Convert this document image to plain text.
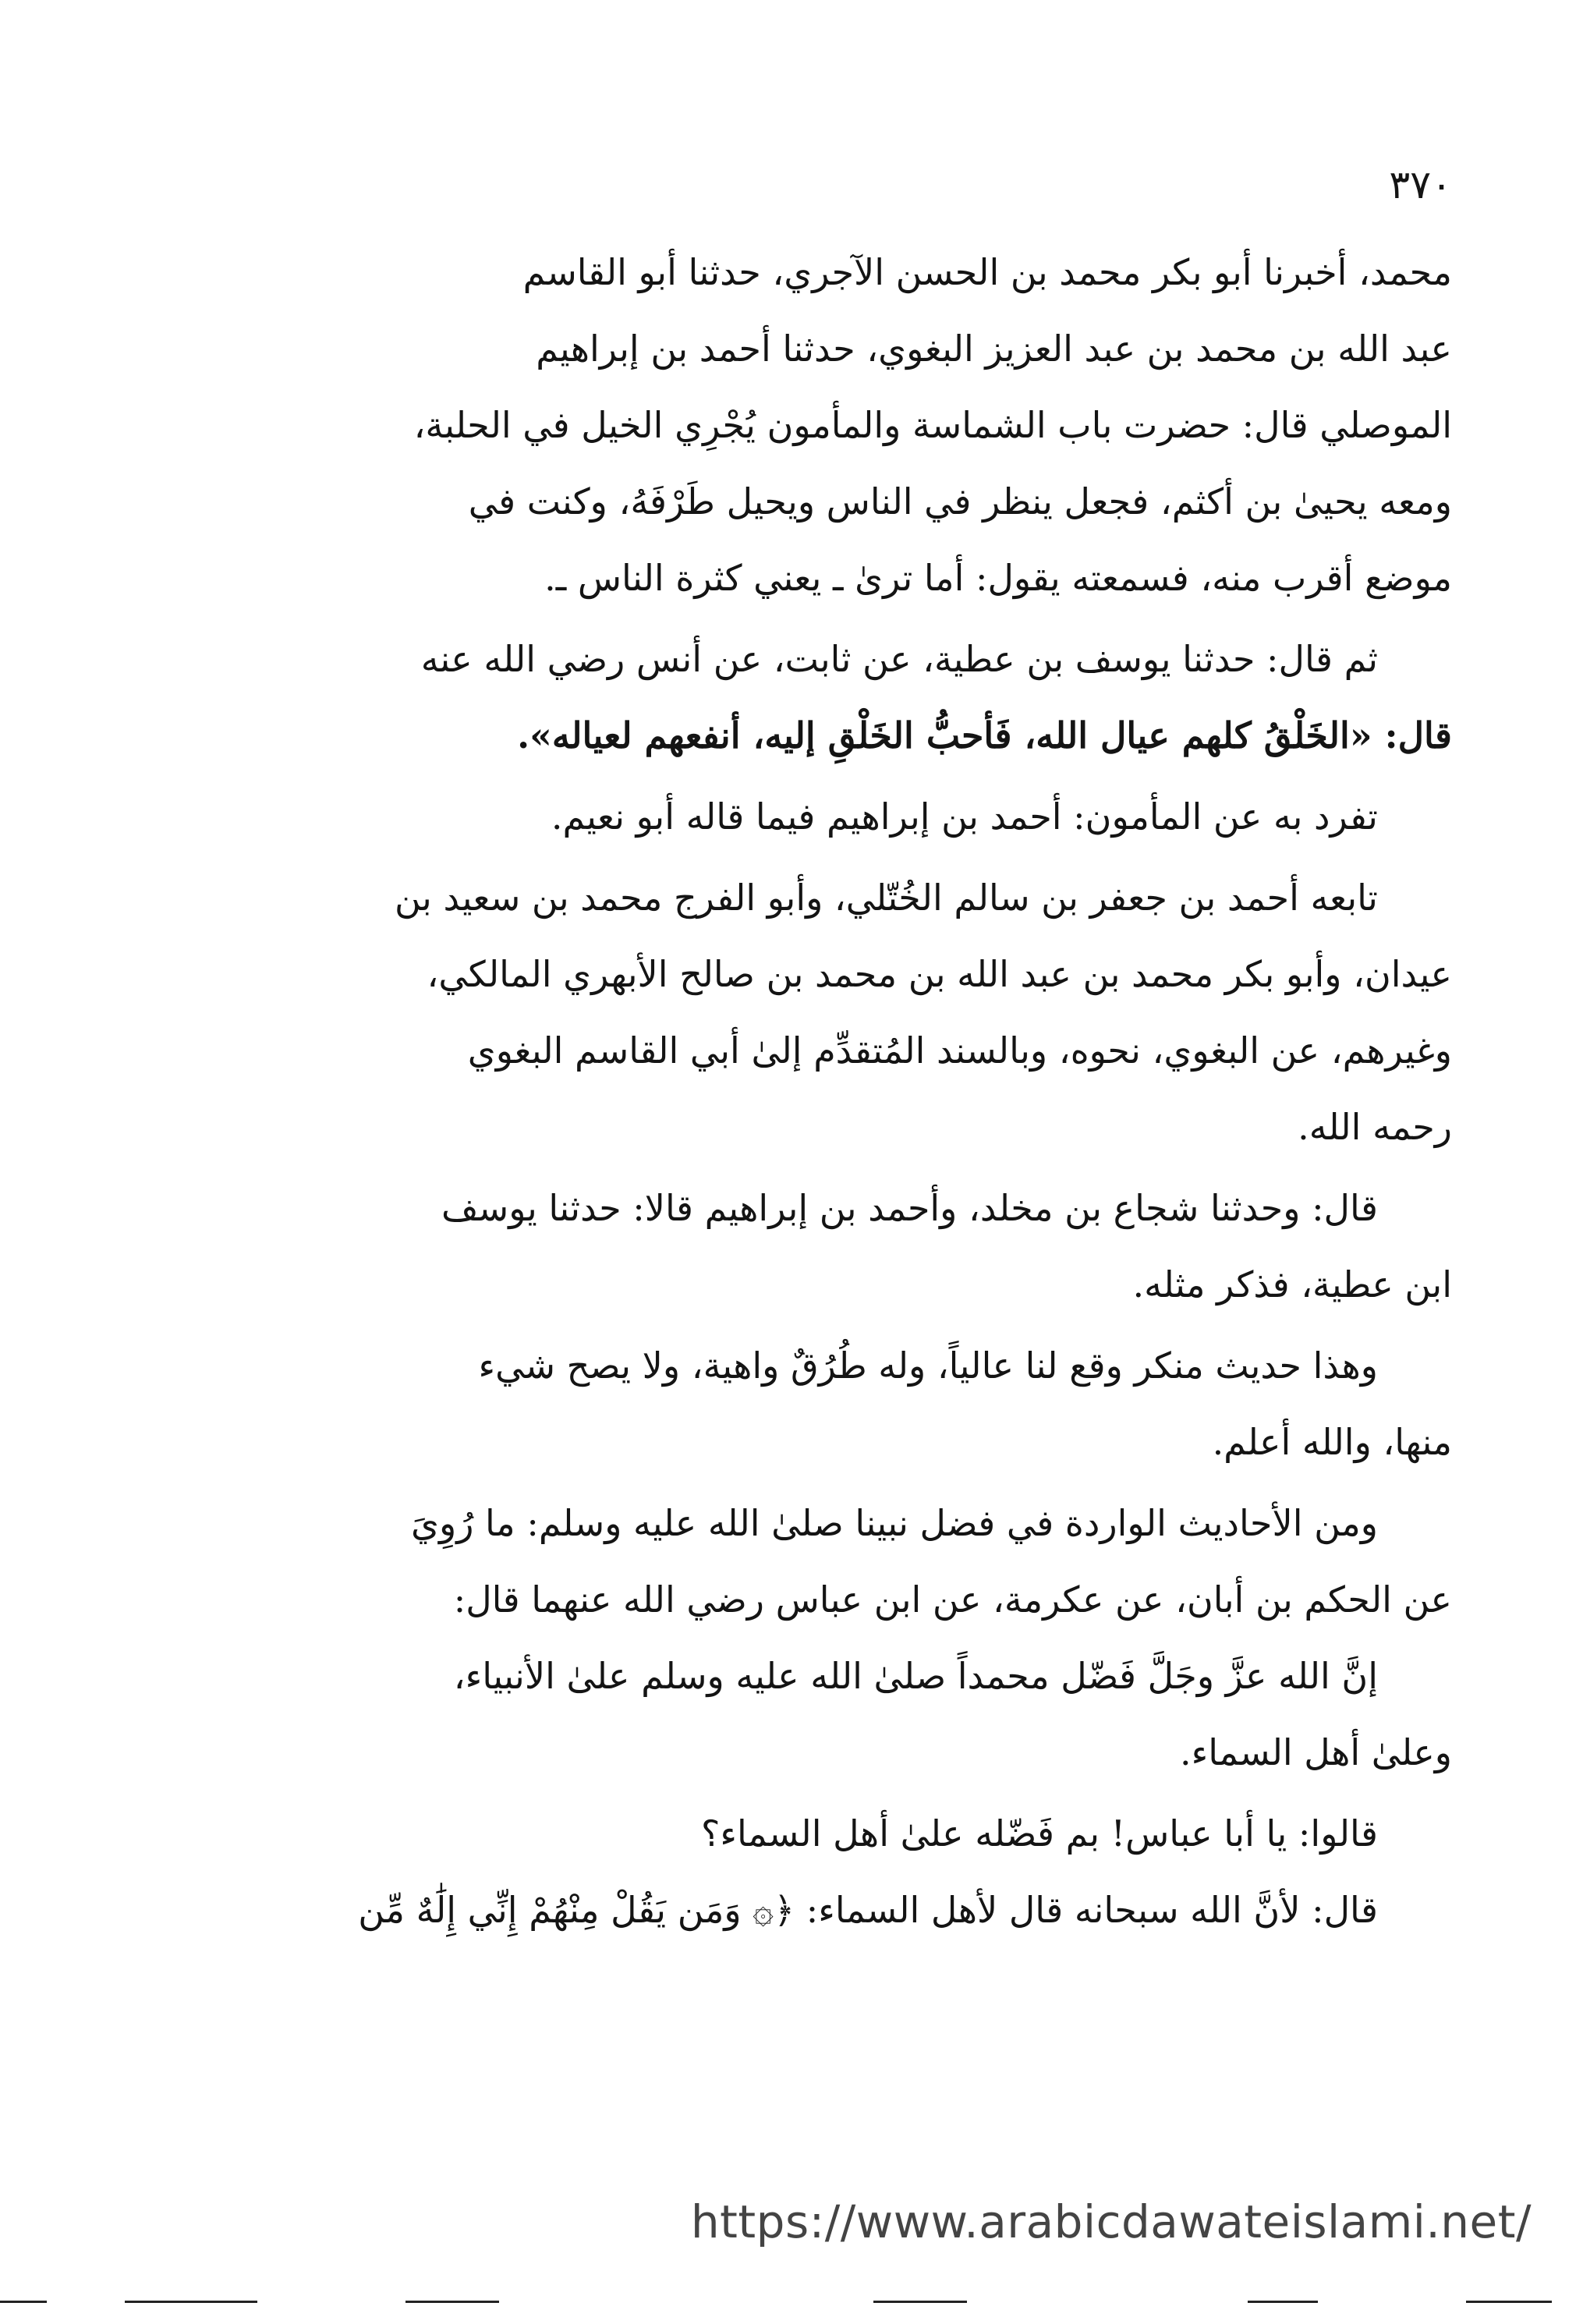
٣٧٠
محمد، أخبرنا أبو بكر محمد بن الحسن الآجري، حدثنا أبو القاسم
عبد الله بن محمد بن عبد العزيز البغوي، حدثنا أحمد بن إبراهيم
الموصلي قال: حضرت باب الشماسة والمأمون يُجْرِي الخيل في الحلبة،
ومعه يحيىٰ بن أكثم، فجعل ينظر في الناس ويحيل طَرْفَهُ، وكنت في
موضع أقرب منه، فسمعته يقول: أما ترىٰ ـ يعني كثرة الناس ـ.
ثم قال: حدثنا يوسف بن عطية، عن ثابت، عن أنس رضي الله عنه
قال: «الخَلْقُ كلهم عيال الله، فَأحبُّ الخَلْقِ إليه، أنفعهم لعياله».
تفرد به عن المأمون: أحمد بن إبراهيم فيما قاله أبو نعيم.
تابعه أحمد بن جعفر بن سالم الخُتّلي، وأبو الفرج محمد بن سعيد بن
عيدان، وأبو بكر محمد بن عبد الله بن محمد بن صالح الأبهري المالكي،
وغيرهم، عن البغوي، نحوه، وبالسند المُتقدِّم إلىٰ أبي القاسم البغوي
رحمه الله.
قال: وحدثنا شجاع بن مخلد، وأحمد بن إبراهيم قالا: حدثنا يوسف
ابن عطية، فذكر مثله.
وهذا حديث منكر وقع لنا عالياً، وله طُرُقٌ واهية، ولا يصح شيء
منها، والله أعلم.
ومن الأحاديث الواردة في فضل نبينا صلىٰ الله عليه وسلم: ما رُوِيَ
عن الحكم بن أبان، عن عكرمة، عن ابن عباس رضي الله عنهما قال:
إنَّ الله عزَّ وجَلَّ فَضّل محمداً صلىٰ الله عليه وسلم علىٰ الأنبياء،
وعلىٰ أهل السماء.
قالوا: يا أبا عباس! بم فَضّله علىٰ أهل السماء؟
قال: لأنَّ الله سبحانه قال لأهل السماء: ﴿۞ وَمَن يَقُلْ مِنْهُمْ إِنِّي إِلَٰهٌ مِّن
https://www.arabicdawateislami.net/
